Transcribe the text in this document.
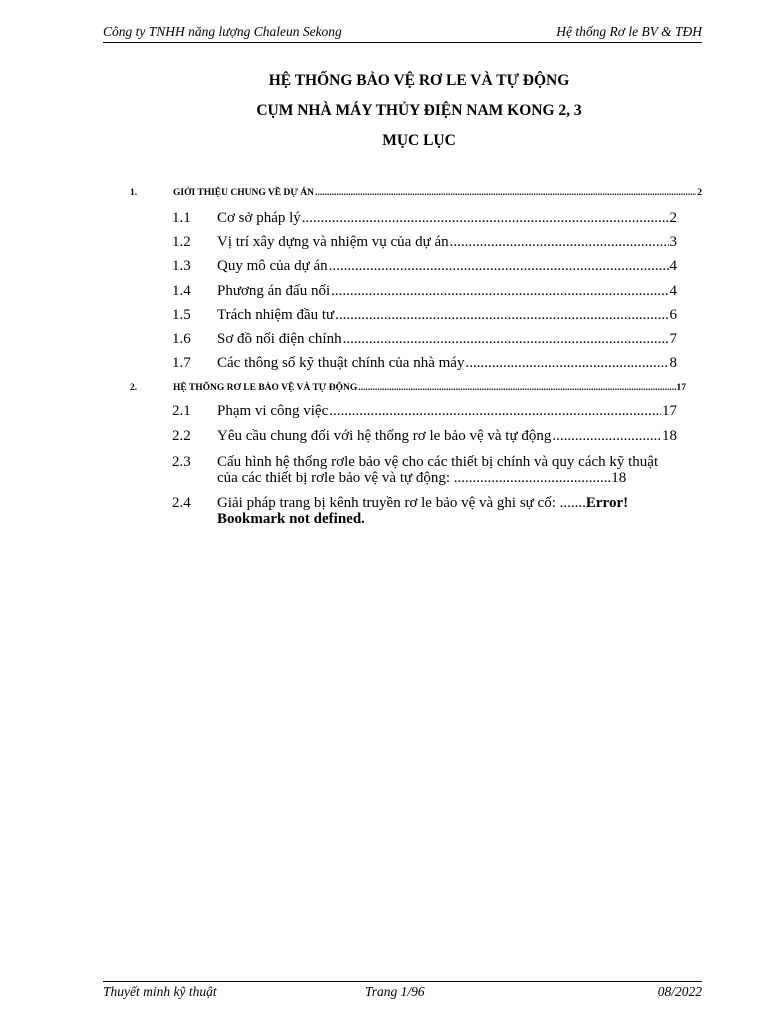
Công ty TNHH năng lượng Chaleun Sekong	Hệ thống Rơ le BV & TĐH
HỆ THỐNG BẢO VỆ RƠ LE VÀ TỰ ĐỘNG
CỤM NHÀ MÁY THỦY ĐIỆN NAM KONG 2, 3
MỤC LỤC
1.	GIỚI THIỆU CHUNG VỀ DỰ ÁN .....	2
1.1	Cơ sở pháp lý .....	2
1.2	Vị trí xây dựng và nhiệm vụ của dự án .....	3
1.3	Quy mô của dự án .....	4
1.4	Phương án đấu nối .....	4
1.5	Trách nhiệm đầu tư .....	6
1.6	Sơ đồ nối điện chính .....	7
1.7	Các thông số kỹ thuật chính của nhà máy .....	8
2.	HỆ THỐNG RƠ LE BẢO VỆ VÀ TỰ ĐỘNG .....	17
2.1	Phạm vi công việc .....	17
2.2	Yêu cầu chung đối với hệ thống rơ le bảo vệ và tự động .....	18
2.3 Cấu hình hệ thống rơle bảo vệ cho các thiết bị chính và quy cách kỹ thuật
của các thiết bị rơle bảo vệ và tự động: ..........................................18
2.4 Giải pháp trang bị kênh truyền rơ le bảo vệ và ghi sự cố: .......Error!
Bookmark not defined.
Thuyết minh kỹ thuật	Trang 1/96	08/2022
